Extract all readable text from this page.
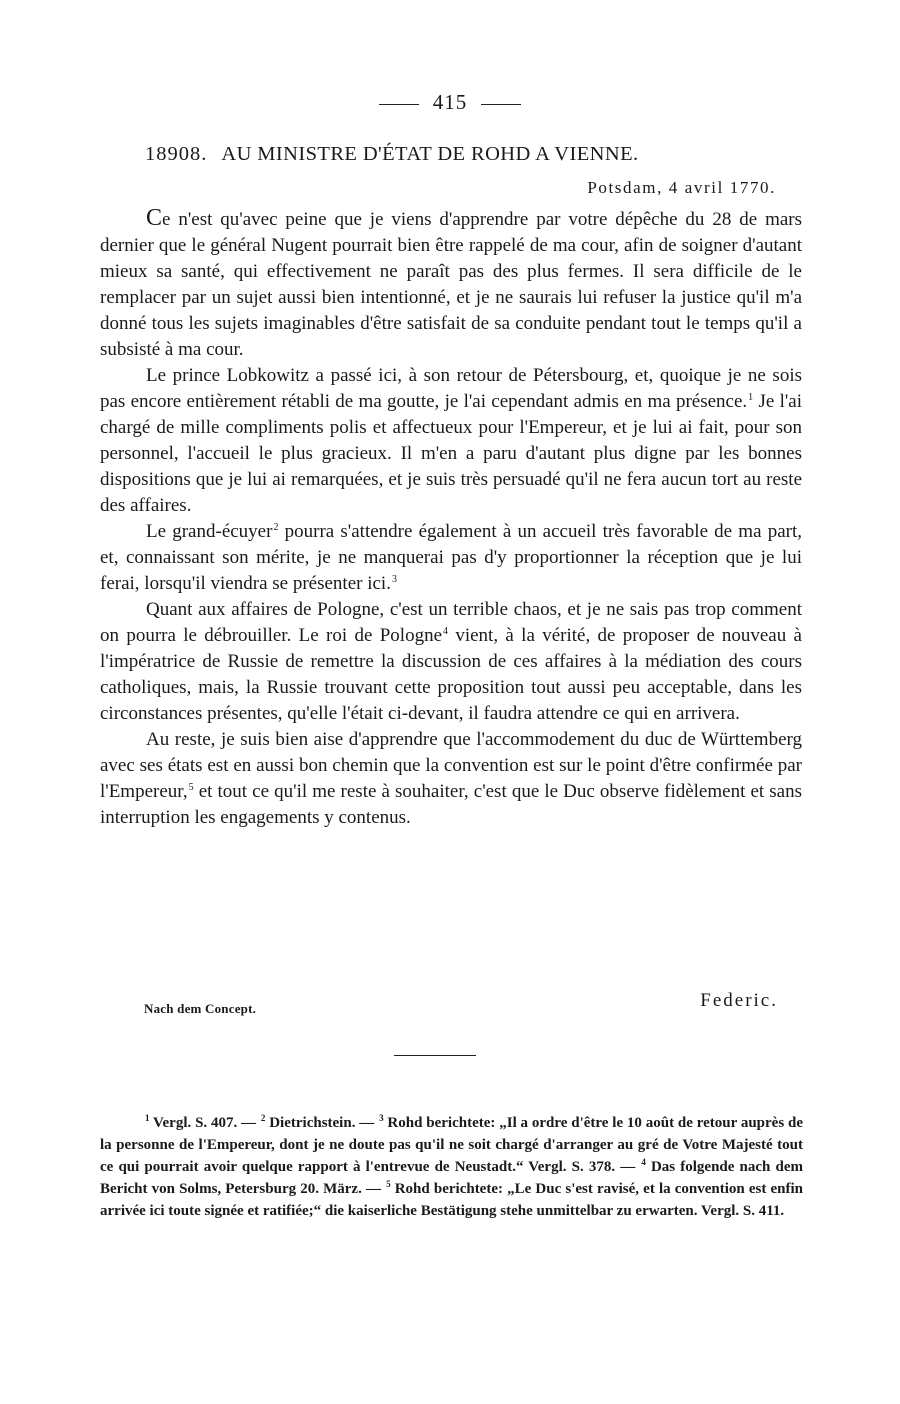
415
18908. AU MINISTRE D'ÉTAT DE ROHD A VIENNE.
Potsdam, 4 avril 1770.

Ce n'est qu'avec peine que je viens d'apprendre par votre dépêche du 28 de mars dernier que le général Nugent pourrait bien être rappelé de ma cour, afin de soigner d'autant mieux sa santé, qui effectivement ne paraît pas des plus fermes. Il sera difficile de le remplacer par un sujet aussi bien intentionné, et je ne saurais lui refuser la justice qu'il m'a donné tous les sujets imaginables d'être satisfait de sa conduite pendant tout le temps qu'il a subsisté à ma cour.

Le prince Lobkowitz a passé ici, à son retour de Pétersbourg, et, quoique je ne sois pas encore entièrement rétabli de ma goutte, je l'ai cependant admis en ma présence.$^1$ Je l'ai chargé de mille compliments polis et affectueux pour l'Empereur, et je lui ai fait, pour son personnel, l'accueil le plus gracieux. Il m'en a paru d'autant plus digne par les bonnes dispositions que je lui ai remarquées, et je suis très persuadé qu'il ne fera aucun tort au reste des affaires.

Le grand-écuyer$^2$ pourra s'attendre également à un accueil très favorable de ma part, et, connaissant son mérite, je ne manquerai pas d'y proportionner la réception que je lui ferai, lorsqu'il viendra se présenter ici.$^3$

Quant aux affaires de Pologne, c'est un terrible chaos, et je ne sais pas trop comment on pourra le débrouiller. Le roi de Pologne$^4$ vient, à la vérité, de proposer de nouveau à l'impératrice de Russie de remettre la discussion de ces affaires à la médiation des cours catholiques, mais, la Russie trouvant cette proposition tout aussi peu acceptable, dans les circonstances présentes, qu'elle l'était ci-devant, il faudra attendre ce qui en arrivera.

Au reste, je suis bien aise d'apprendre que l'accommodement du duc de Württemberg avec ses états est en aussi bon chemin que la convention est sur le point d'être confirmée par l'Empereur,$^5$ et tout ce qu'il me reste à souhaiter, c'est que le Duc observe fidèlement et sans interruption les engagements y contenus.

Nach dem Concept.	Federic.
$^1$ Vergl. S. 407. — $^2$ Dietrichstein. — $^3$ Rohd berichtete: „Il a ordre d'être le 10 août de retour auprès de la personne de l'Empereur, dont je ne doute pas qu'il ne soit chargé d'arranger au gré de Votre Majesté tout ce qui pourrait avoir quelque rapport à l'entrevue de Neustadt.“ Vergl. S. 378. — $^4$ Das folgende nach dem Bericht von Solms, Petersburg 20. März. — $^5$ Rohd berichtete: „Le Duc s'est ravisé, et la convention est enfin arrivée ici toute signée et ratifiée;“ die kaiserliche Bestätigung stehe unmittelbar zu erwarten. Vergl. S. 411.
